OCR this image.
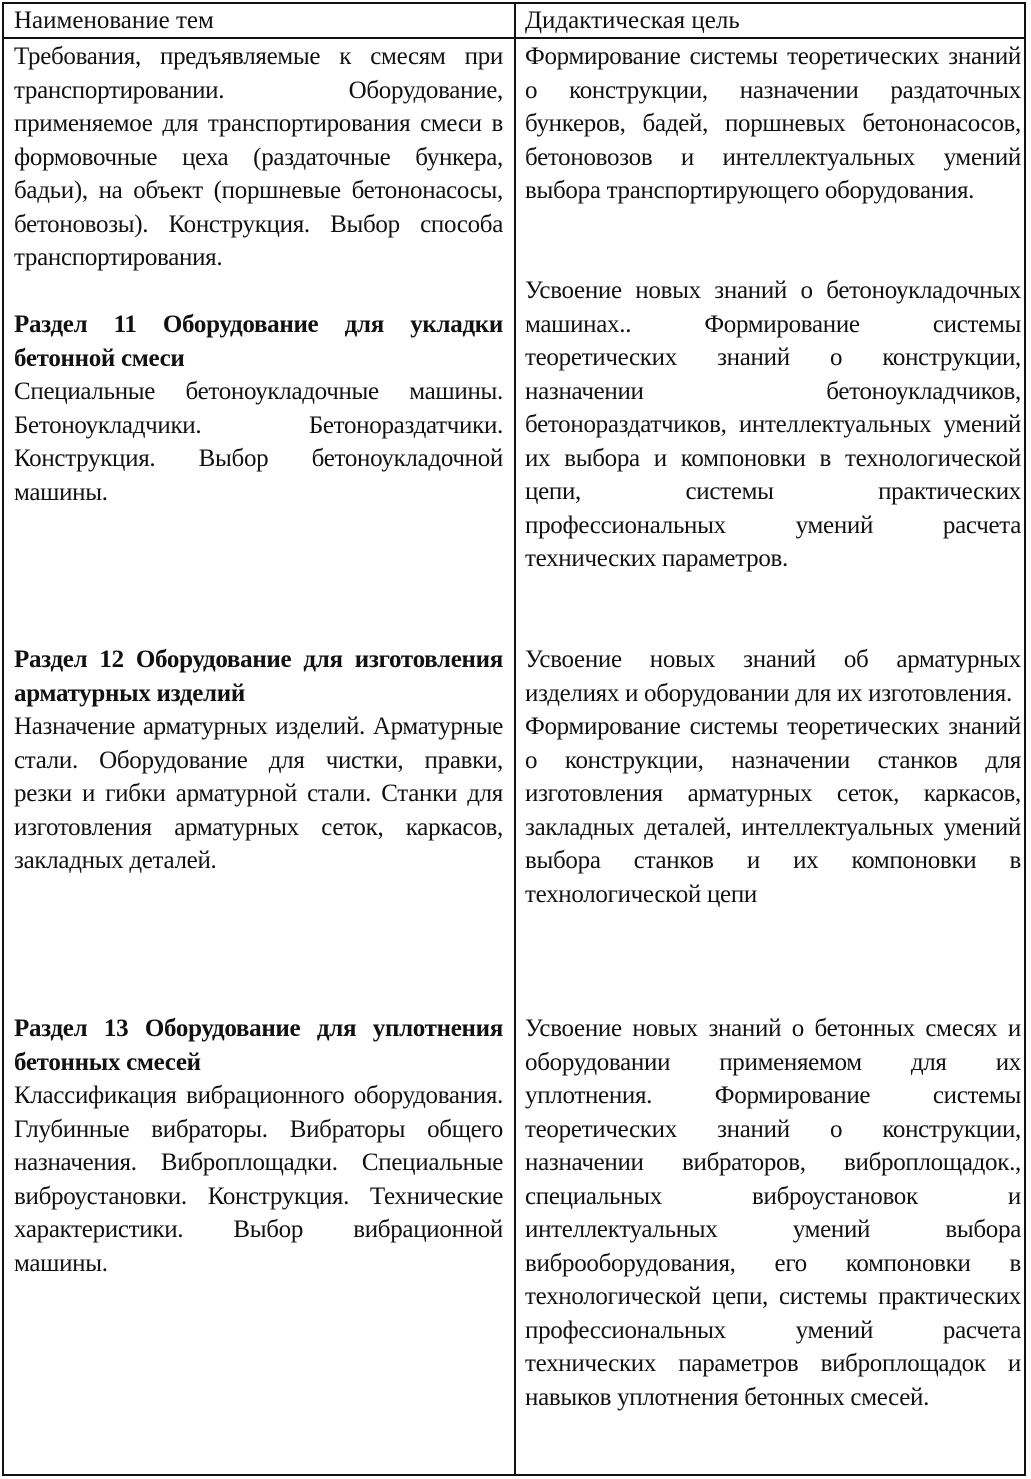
Наименование тем	Дидактическая цель

Требования, предъявляемые к смесям при транспортировании. Оборудование, применяемое для транспортирования смеси в формовочные цеха (раздаточные бункера, бадьи), на объект (поршневые бетононасосы, бетоновозы). Конструкция. Выбор способа транспортирования.

Формирование системы теоретических знаний о конструкции, назначении раздаточных бункеров, бадей, поршневых бетононасосов, бетоновозов и интеллектуальных умений выбора транспортирующего оборудования.

Раздел 11 Оборудование для укладки бетонной смеси

Специальные бетоноукладочные машины. Бетоноукладчики. Бетонораздатчики. Конструкция. Выбор бетоноукладочной машины.

Усвоение новых знаний о бетоноукладочных машинах.. Формирование системы теоретических знаний о конструкции, назначении бетоноукладчиков, бетонораздатчиков, интеллектуальных умений их выбора и компоновки в технологической цепи, системы практических профессиональных умений расчета технических параметров.

Раздел 12 Оборудование для изготовления арматурных изделий

Назначение арматурных изделий. Арматурные стали. Оборудование для чистки, правки, резки и гибки арматурной стали. Станки для изготовления арматурных сеток, каркасов, закладных деталей.

Усвоение новых знаний об арматурных изделиях и оборудовании для их изготовления.

Формирование системы теоретических знаний о конструкции, назначении станков для изготовления арматурных сеток, каркасов, закладных деталей, интеллектуальных умений выбора станков и их компоновки в технологической цепи

Раздел 13 Оборудование для уплотнения бетонных смесей

Классификация вибрационного оборудования. Глубинные вибраторы. Вибраторы общего назначения. Виброплощадки. Специальные виброустановки. Конструкция. Технические характеристики. Выбор вибрационной машины.

Усвоение новых знаний о бетонных смесях и оборудовании применяемом для их уплотнения. Формирование системы теоретических знаний о конструкции, назначении вибраторов, виброплощадок., специальных виброустановок и интеллектуальных умений выбора виброоборудования, его компоновки в технологической цепи, системы практических профессиональных умений расчета технических параметров виброплощадок и навыков уплотнения бетонных смесей.
